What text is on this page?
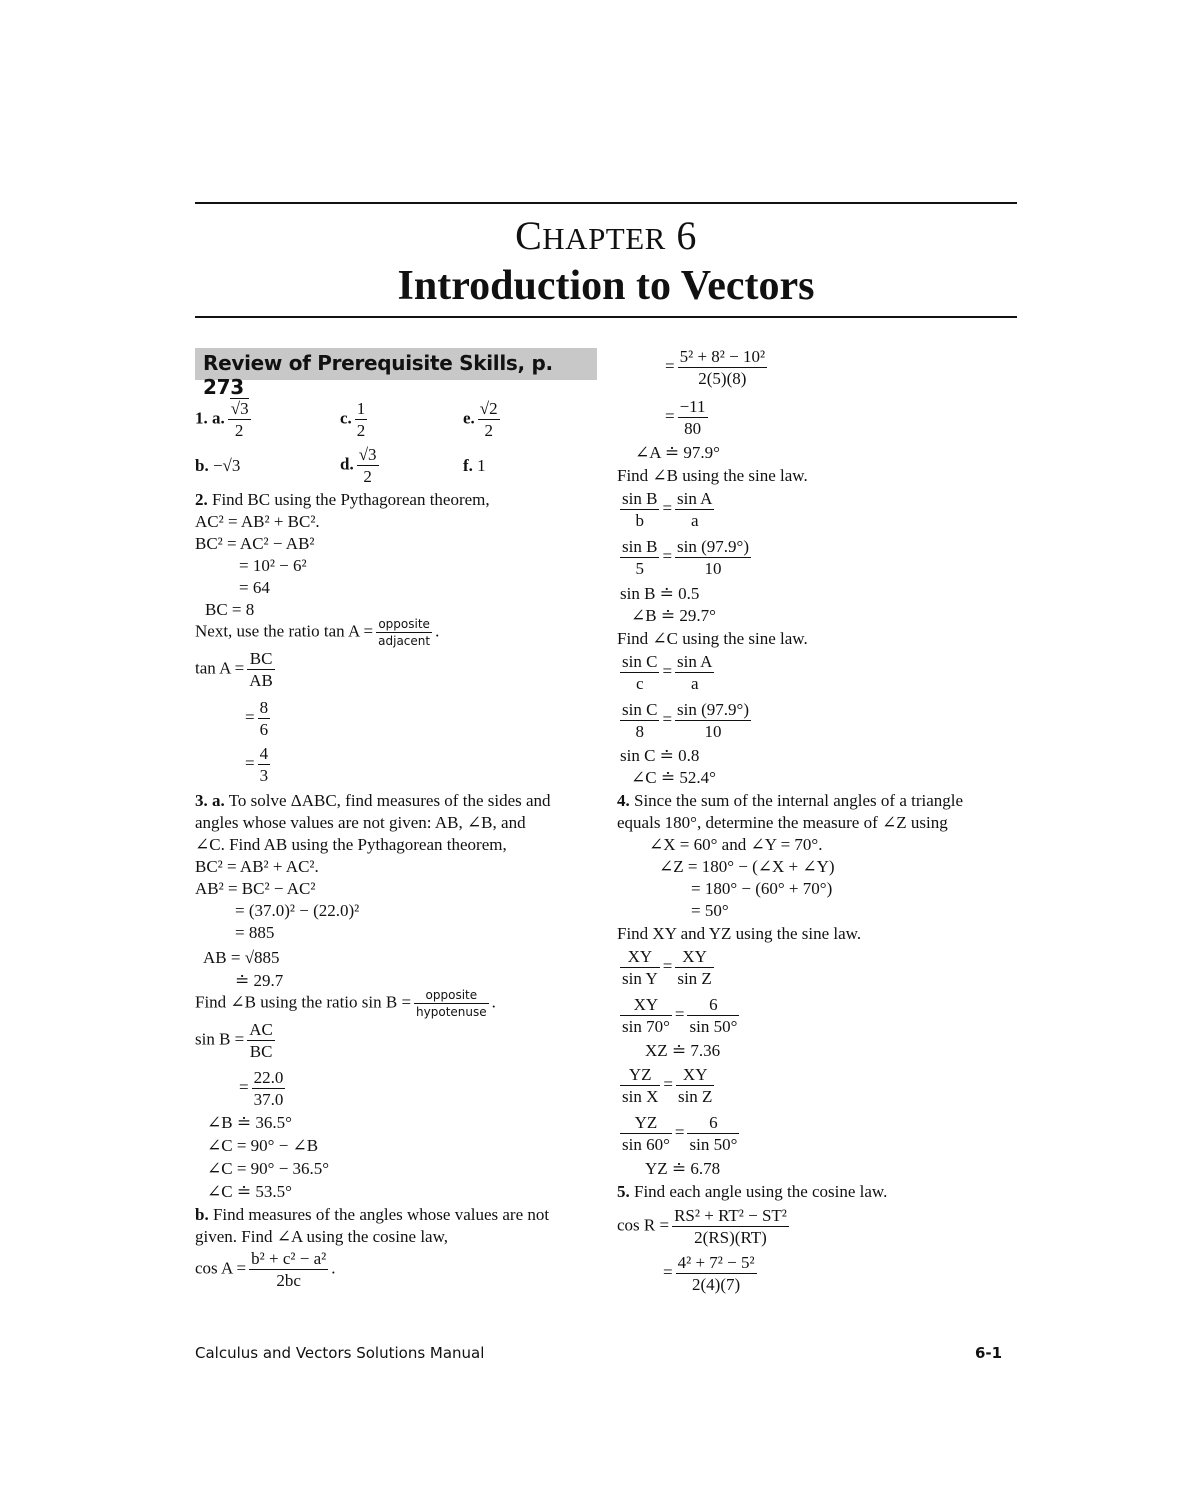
CHAPTER 6
Introduction to Vectors
Review of Prerequisite Skills, p. 273
1. a. $\frac{√3}{2}$	c. $\frac{1}{2}$	e. $\frac{√2}{2}$
b. −√3	d. $\frac{√3}{2}$	f. 1
2. Find BC using the Pythagorean theorem,
AC² = AB² + BC².
BC² = AC² − AB²
= 10² − 6²
= 64
BC = 8
Next, use the ratio tan A = opposite
adjacent
.
$\tan A = \frac{BC}{AB}$
= $\frac{8}{6}$
= $\frac{4}{3}$
3. a. To solve ΔABC, find measures of the sides and
angles whose values are not given: AB, ∠B, and
∠C. Find AB using the Pythagorean theorem,
BC² = AB² + AC².
AB² = BC² − AC²
= (37.0)² − (22.0)²
= 885
AB = √885
≐ 29.7
Find ∠B using the ratio sin B =	opposite
hypotenuse
.
$\sin B = \frac{AC}{BC}$
= $\frac{22.0}{37.0}$
∠B ≐ 36.5°
∠C = 90° − ∠B
∠C = 90° − 36.5°
∠C ≐ 53.5°
b. Find measures of the angles whose values are not
given. Find ∠A using the cosine law,
$\cos A = \frac{\text{b² + c² − a²}}{2bc}$ .
= $\frac{\text{5² + 8² − 10²}}{2(5)(8)}$
= $\frac{-11}{80}$
∠A ≐ 97.9°
Find ∠B using the sine law.
$\frac{\text{sin B}}{b} = \frac{\text{sin A}}{a}$
$\frac{\text{sin B}}{5} = \frac{\sin (97.9^\circ)}{10}$
sin B ≐ 0.5
∠B ≐ 29.7°
Find ∠C using the sine law.
$\frac{\text{sin C}}{c} = \frac{\text{sin A}}{a}$
$\frac{\text{sin C}}{8} = \frac{\sin (97.9^\circ)}{10}$
sin C ≐ 0.8
∠C ≐ 52.4°
4. Since the sum of the internal angles of a triangle
equals 180°, determine the measure of ∠Z using
∠X = 60° and ∠Y = 70°.
∠Z = 180° − (∠X + ∠Y)
= 180° − (60° + 70°)
= 50°
Find XY and YZ using the sine law.
$\frac{XY}{\text{sin Y}} = \frac{XY}{\text{sin Z}}$
$\frac{XY}{\sin 70^\circ} = \frac{6}{\sin 50^\circ}$
XZ ≐ 7.36
$\frac{YZ}{\text{sin X}} = \frac{XY}{\text{sin Z}}$
$\frac{YZ}{\sin 60^\circ} = \frac{6}{\sin 50^\circ}$
YZ ≐ 6.78
5. Find each angle using the cosine law.
$\cos R = \frac{\text{RS² + RT² − ST²}}{2(RS)(RT)}$
= $\frac{\text{4² + 7² − 5²}}{2(4)(7)}$
Calculus and Vectors Solutions Manual	6-1
